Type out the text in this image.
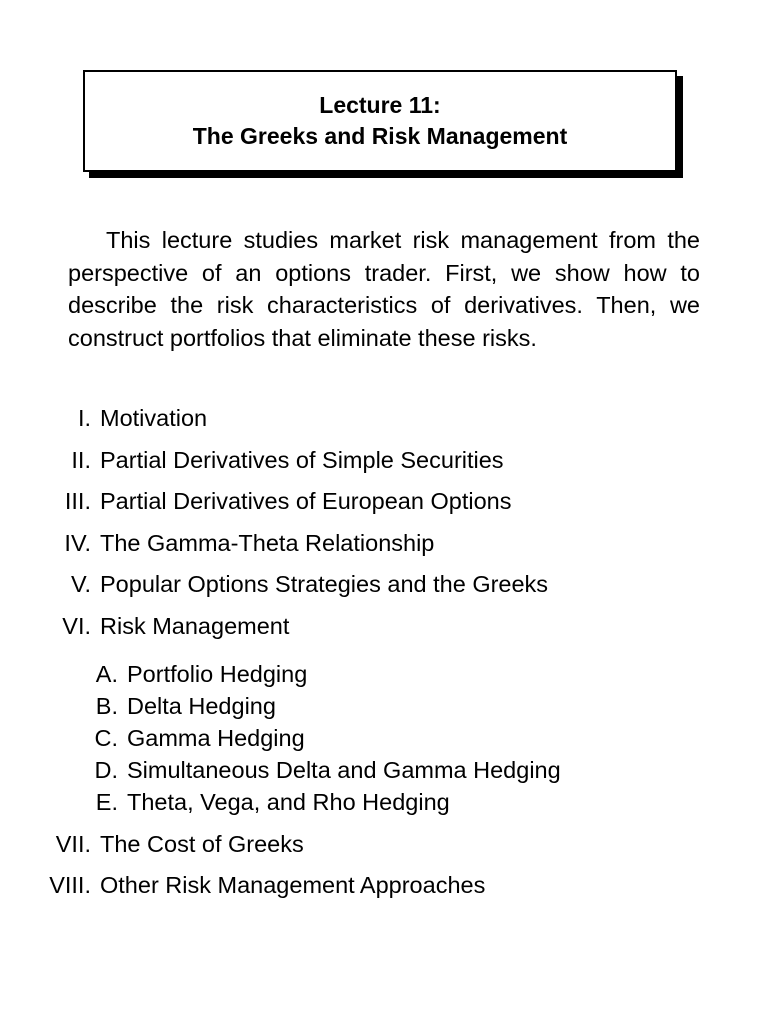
Lecture 11:
The Greeks and Risk Management

This lecture studies market risk management from the perspective of an options trader. First, we show how to describe the risk characteristics of derivatives. Then, we construct portfolios that eliminate these risks.

I. Motivation
II. Partial Derivatives of Simple Securities
III. Partial Derivatives of European Options
IV. The Gamma-Theta Relationship
V. Popular Options Strategies and the Greeks
VI. Risk Management
A. Portfolio Hedging
B. Delta Hedging
C. Gamma Hedging
D. Simultaneous Delta and Gamma Hedging
E. Theta, Vega, and Rho Hedging
VII. The Cost of Greeks
VIII. Other Risk Management Approaches
